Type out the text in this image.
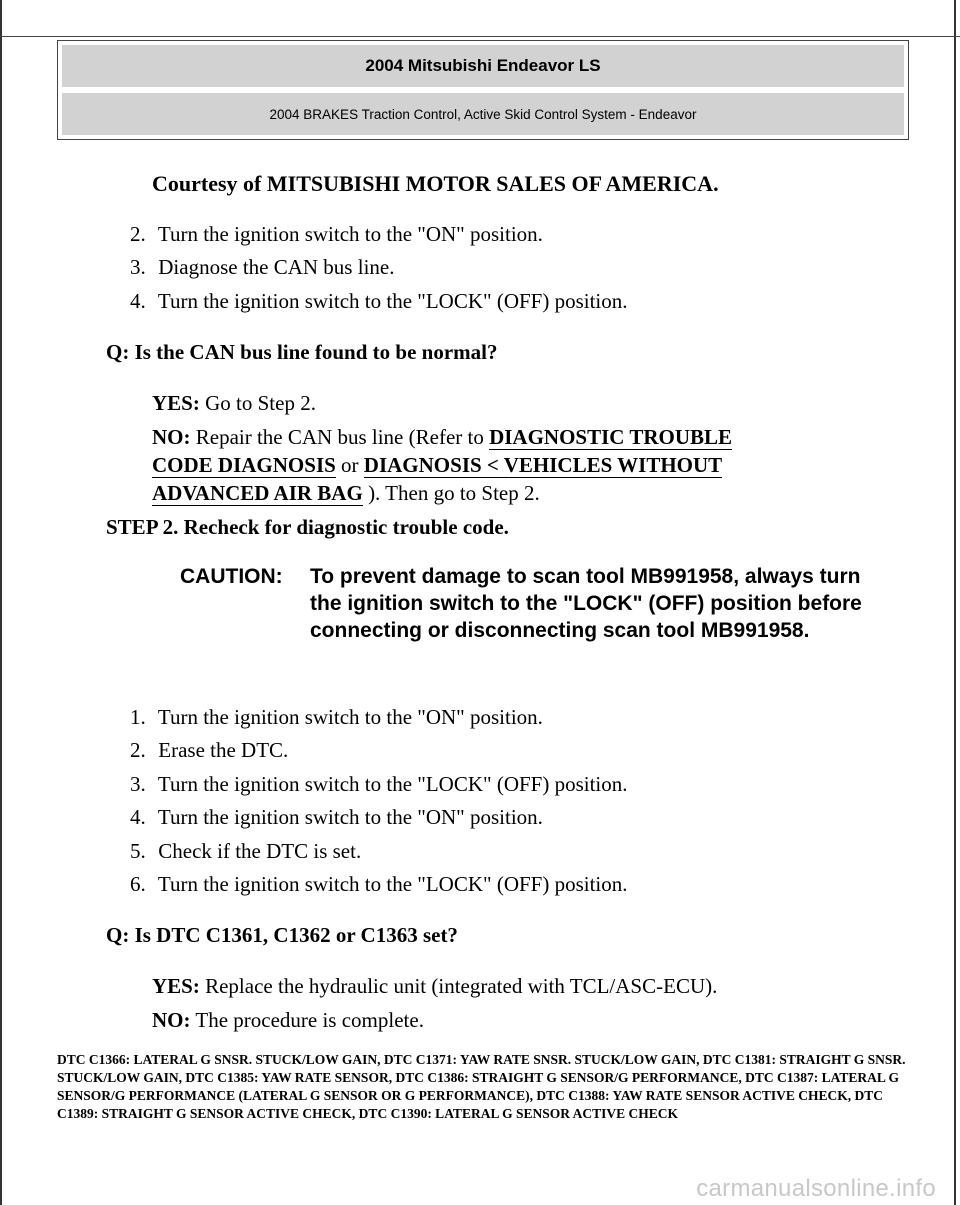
2004 Mitsubishi Endeavor LS
2004 BRAKES Traction Control, Active Skid Control System - Endeavor
Courtesy of MITSUBISHI MOTOR SALES OF AMERICA.
2. Turn the ignition switch to the "ON" position.
3. Diagnose the CAN bus line.
4. Turn the ignition switch to the "LOCK" (OFF) position.
Q: Is the CAN bus line found to be normal?
YES: Go to Step 2.
NO: Repair the CAN bus line (Refer to DIAGNOSTIC TROUBLE
CODE DIAGNOSIS or DIAGNOSIS < VEHICLES WITHOUT
ADVANCED AIR BAG ). Then go to Step 2.
STEP 2. Recheck for diagnostic trouble code.
CAUTION: To prevent damage to scan tool MB991958, always turn the ignition switch to the "LOCK" (OFF) position before connecting or disconnecting scan tool MB991958.
1. Turn the ignition switch to the "ON" position.
2. Erase the DTC.
3. Turn the ignition switch to the "LOCK" (OFF) position.
4. Turn the ignition switch to the "ON" position.
5. Check if the DTC is set.
6. Turn the ignition switch to the "LOCK" (OFF) position.
Q: Is DTC C1361, C1362 or C1363 set?
YES: Replace the hydraulic unit (integrated with TCL/ASC-ECU).
NO: The procedure is complete.
DTC C1366: LATERAL G SNSR. STUCK/LOW GAIN, DTC C1371: YAW RATE SNSR. STUCK/LOW GAIN, DTC C1381: STRAIGHT G SNSR. STUCK/LOW GAIN, DTC C1385: YAW RATE SENSOR, DTC C1386: STRAIGHT G SENSOR/G PERFORMANCE, DTC C1387: LATERAL G SENSOR/G PERFORMANCE (LATERAL G SENSOR OR G PERFORMANCE), DTC C1388: YAW RATE SENSOR ACTIVE CHECK, DTC C1389: STRAIGHT G SENSOR ACTIVE CHECK, DTC C1390: LATERAL G SENSOR ACTIVE CHECK
carmanualsonline.info
